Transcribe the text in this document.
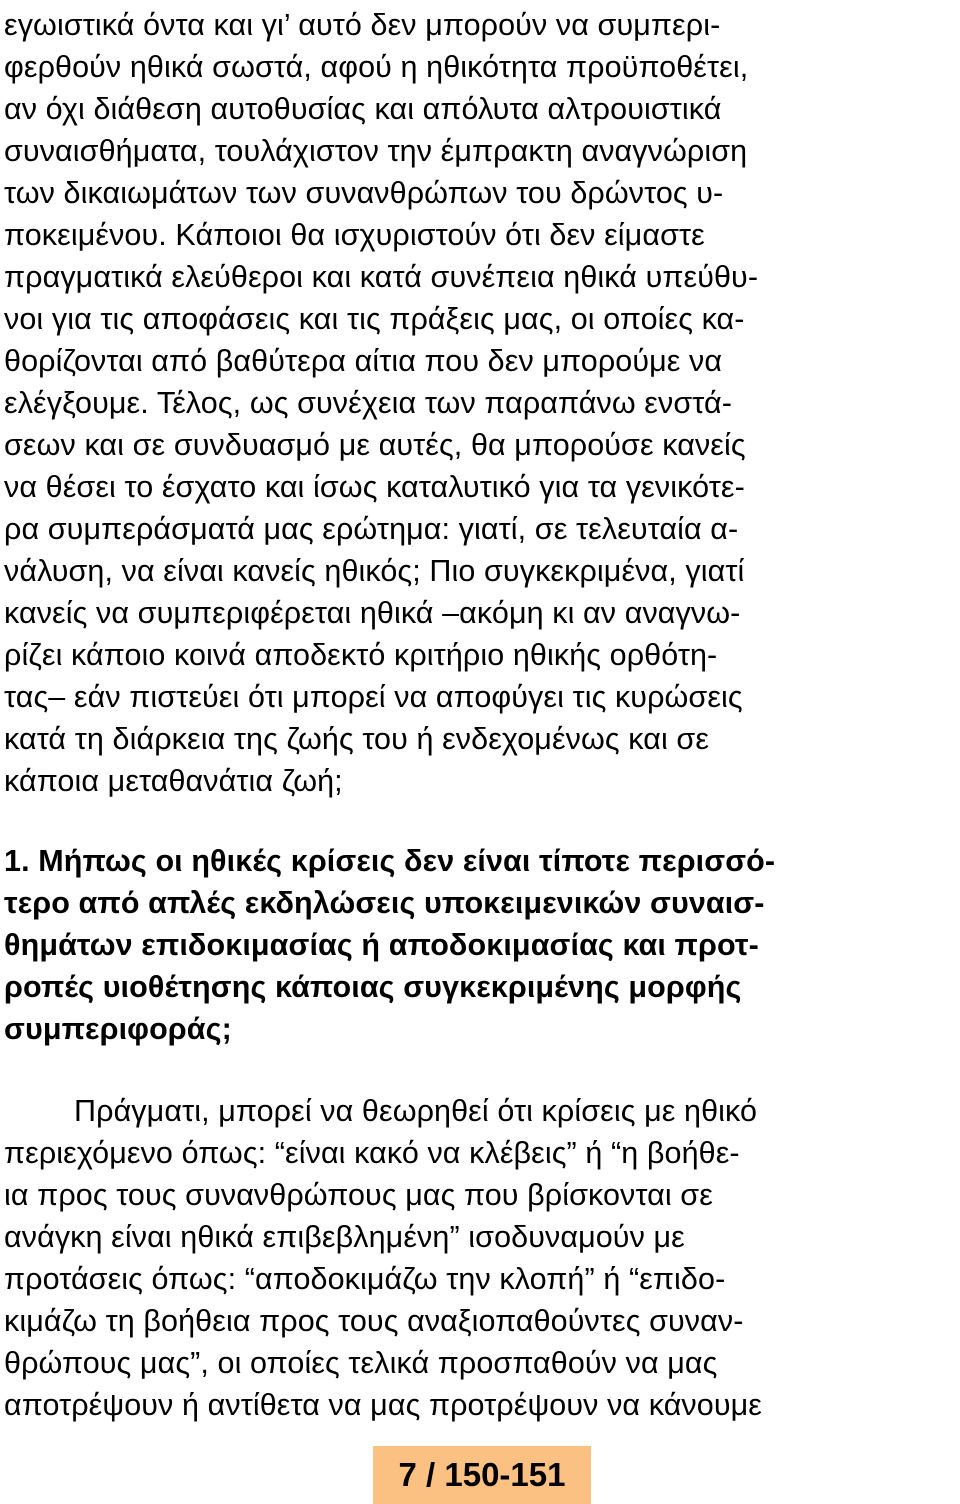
εγωιστικά όντα και γι’ αυτό δεν μπορούν να συμπερι-
φερθούν ηθικά σωστά, αφού η ηθικότητα προϋποθέτει,
αν όχι διάθεση αυτοθυσίας και απόλυτα αλτρουιστικά
συναισθήματα, τουλάχιστον την έμπρακτη αναγνώριση
των δικαιωμάτων των συνανθρώπων του δρώντος υ-
ποκειμένου. Κάποιοι θα ισχυριστούν ότι δεν είμαστε
πραγματικά ελεύθεροι και κατά συνέπεια ηθικά υπεύθυ-
νοι για τις αποφάσεις και τις πράξεις μας, οι οποίες κα-
θορίζονται από βαθύτερα αίτια που δεν μπορούμε να
ελέγξουμε. Τέλος, ως συνέχεια των παραπάνω ενστά-
σεων και σε συνδυασμό με αυτές, θα μπορούσε κανείς
να θέσει το έσχατο και ίσως καταλυτικό για τα γενικότε-
ρα συμπεράσματά μας ερώτημα: γιατί, σε τελευταία α-
νάλυση, να είναι κανείς ηθικός; Πιο συγκεκριμένα, γιατί
κανείς να συμπεριφέρεται ηθικά –ακόμη κι αν αναγνω-
ρίζει κάποιο κοινά αποδεκτό κριτήριο ηθικής ορθότη-
τας– εάν πιστεύει ότι μπορεί να αποφύγει τις κυρώσεις
κατά τη διάρκεια της ζωής του ή ενδεχομένως και σε
κάποια μεταθανάτια ζωή;
1. Μήπως οι ηθικές κρίσεις δεν είναι τίποτε περισσό-
τερο από απλές εκδηλώσεις υποκειμενικών συναισ-
θημάτων επιδοκιμασίας ή αποδοκιμασίας και προτ-
ροπές υιοθέτησης κάποιας συγκεκριμένης μορφής
συμπεριφοράς;
Πράγματι, μπορεί να θεωρηθεί ότι κρίσεις με ηθικό
περιεχόμενο όπως: “είναι κακό να κλέβεις” ή “η βοήθε-
ια προς τους συνανθρώπους μας που βρίσκονται σε
ανάγκη είναι ηθικά επιβεβλημένη” ισοδυναμούν με
προτάσεις όπως: “αποδοκιμάζω την κλοπή” ή “επιδο-
κιμάζω τη βοήθεια προς τους αναξιοπαθούντες συναν-
θρώπους μας”, οι οποίες τελικά προσπαθούν να μας
αποτρέψουν ή αντίθετα να μας προτρέψουν να κάνουμε
7 / 150-151
